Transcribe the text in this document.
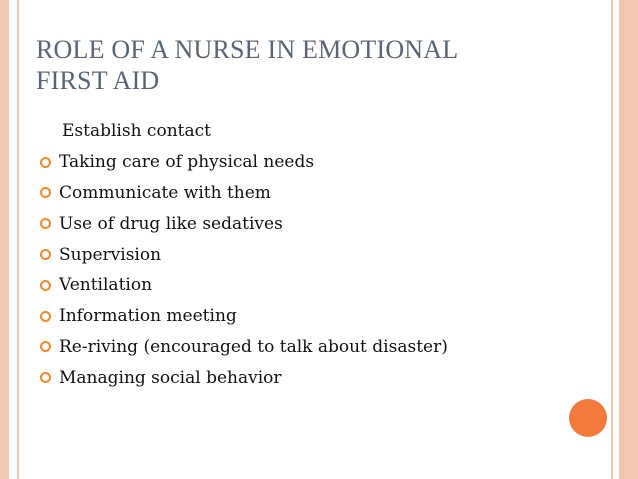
ROLE OF A NURSE IN EMOTIONAL
FIRST AID
Establish contact
Taking care of physical needs
Communicate with them
Use of drug like sedatives
Supervision
Ventilation
Information meeting
Re-riving (encouraged to talk about disaster)
Managing social behavior
